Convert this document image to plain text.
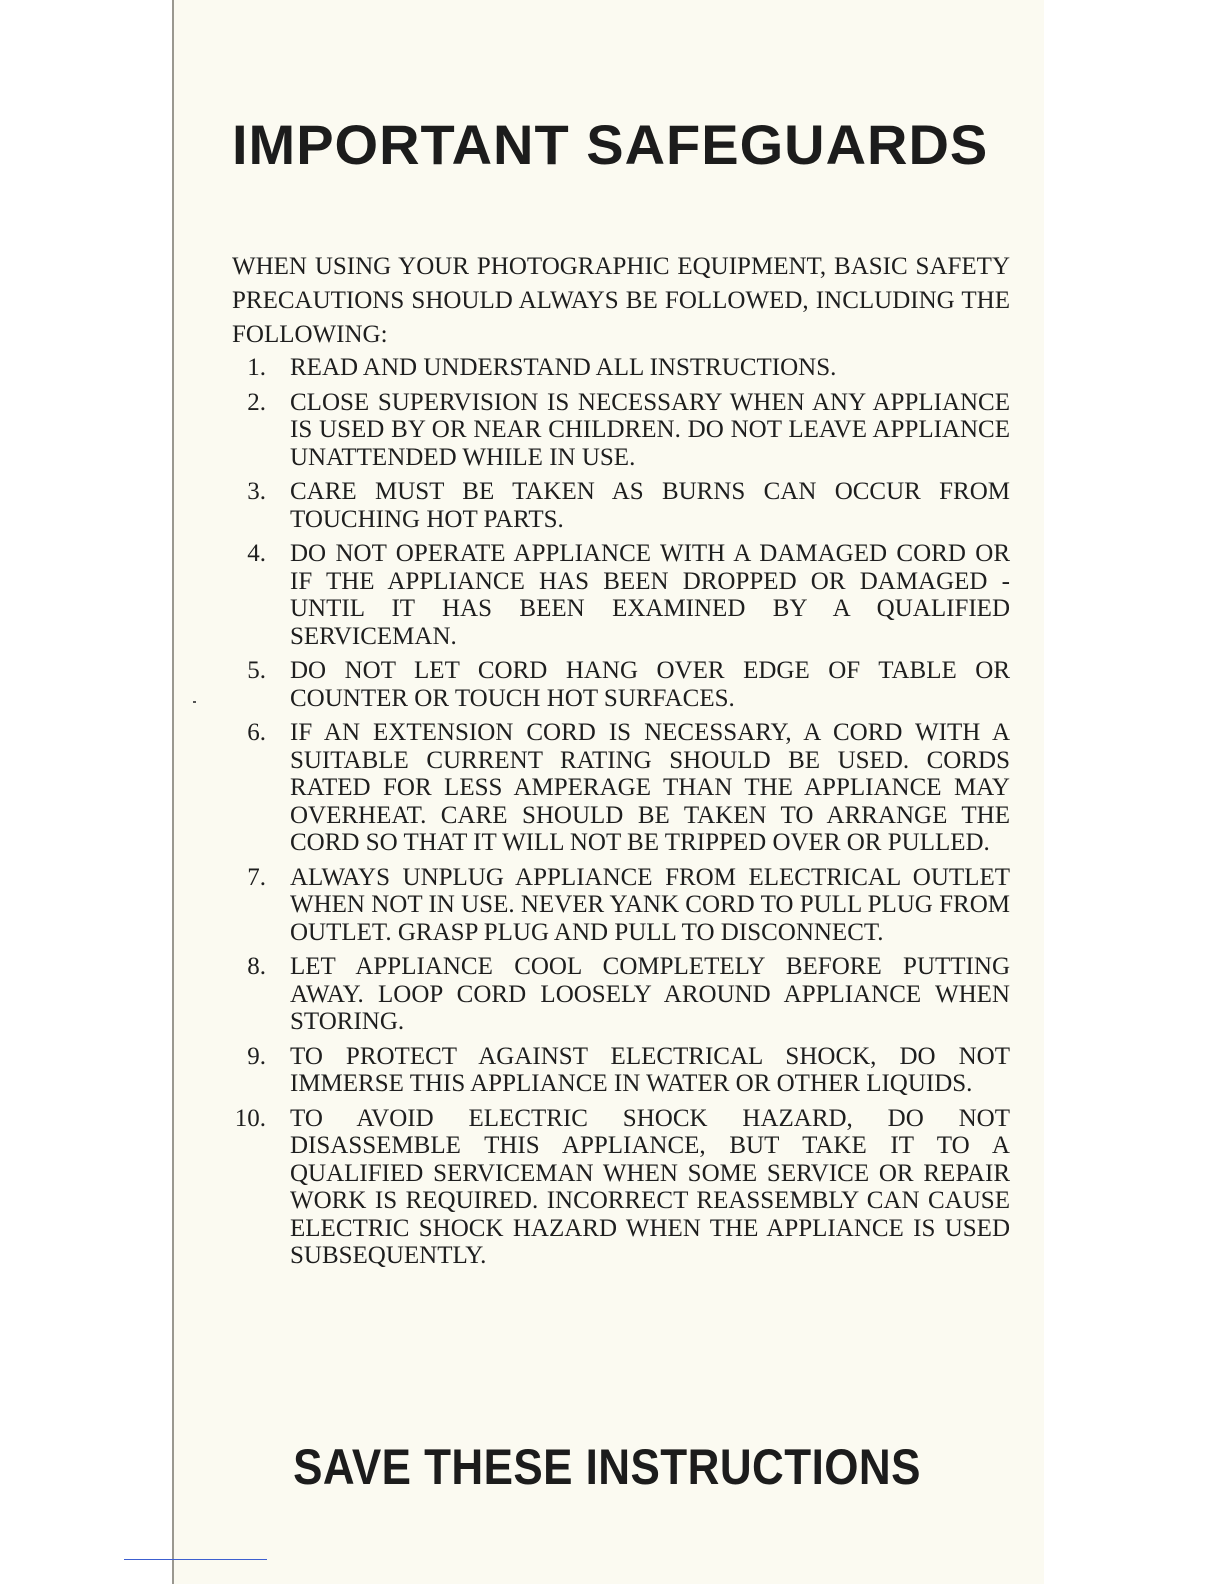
IMPORTANT SAFEGUARDS

WHEN USING YOUR PHOTOGRAPHIC EQUIPMENT, BASIC SAFETY PRECAUTIONS SHOULD ALWAYS BE FOLLOWED, INCLUDING THE FOLLOWING:

1. READ AND UNDERSTAND ALL INSTRUCTIONS.
2. CLOSE SUPERVISION IS NECESSARY WHEN ANY APPLIANCE IS USED BY OR NEAR CHILDREN. DO NOT LEAVE APPLIANCE UNATTENDED WHILE IN USE.
3. CARE MUST BE TAKEN AS BURNS CAN OCCUR FROM TOUCHING HOT PARTS.
4. DO NOT OPERATE APPLIANCE WITH A DAMAGED CORD OR IF THE APPLIANCE HAS BEEN DROPPED OR DAMAGED - UNTIL IT HAS BEEN EXAMINED BY A QUALIFIED SERVICEMAN.
5. DO NOT LET CORD HANG OVER EDGE OF TABLE OR COUNTER OR TOUCH HOT SURFACES.
6. IF AN EXTENSION CORD IS NECESSARY, A CORD WITH A SUITABLE CURRENT RATING SHOULD BE USED. CORDS RATED FOR LESS AMPERAGE THAN THE APPLIANCE MAY OVERHEAT. CARE SHOULD BE TAKEN TO ARRANGE THE CORD SO THAT IT WILL NOT BE TRIPPED OVER OR PULLED.
7. ALWAYS UNPLUG APPLIANCE FROM ELECTRICAL OUTLET WHEN NOT IN USE. NEVER YANK CORD TO PULL PLUG FROM OUTLET. GRASP PLUG AND PULL TO DISCONNECT.
8. LET APPLIANCE COOL COMPLETELY BEFORE PUTTING AWAY. LOOP CORD LOOSELY AROUND APPLIANCE WHEN STORING.
9. TO PROTECT AGAINST ELECTRICAL SHOCK, DO NOT IMMERSE THIS APPLIANCE IN WATER OR OTHER LIQUIDS.
10. TO AVOID ELECTRIC SHOCK HAZARD, DO NOT DISASSEMBLE THIS APPLIANCE, BUT TAKE IT TO A QUALIFIED SERVICEMAN WHEN SOME SERVICE OR REPAIR WORK IS REQUIRED. INCORRECT REASSEMBLY CAN CAUSE ELECTRIC SHOCK HAZARD WHEN THE APPLIANCE IS USED SUBSEQUENTLY.
SAVE THESE INSTRUCTIONS
